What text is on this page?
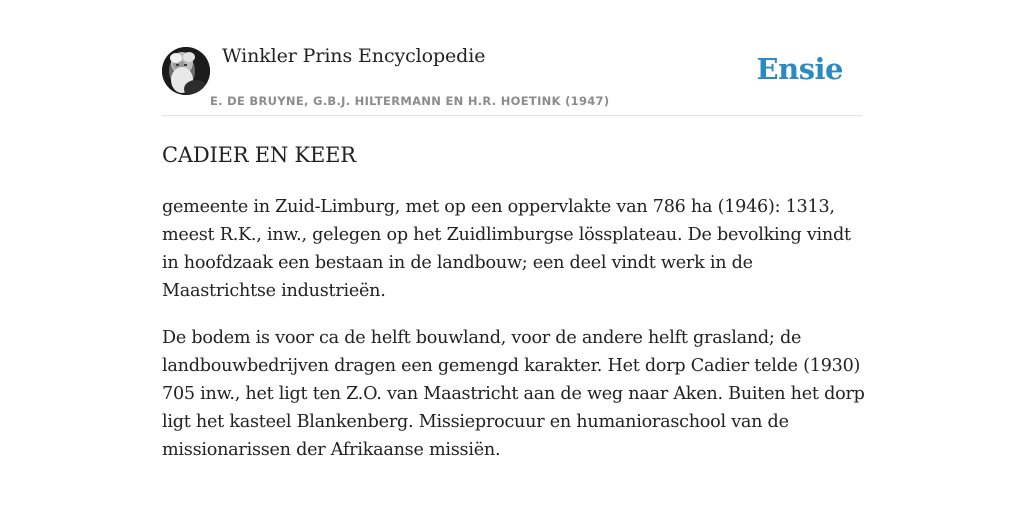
Winkler Prins Encyclopedie
E. DE BRUYNE, G.B.J. HILTERMANN EN H.R. HOETINK (1947)
Ensie
CADIER EN KEER

gemeente in Zuid-Limburg, met op een oppervlakte van 786 ha (1946): 1313, meest R.K., inw., gelegen op het Zuidlimburgse lössplateau. De bevolking vindt in hoofdzaak een bestaan in de landbouw; een deel vindt werk in de Maastrichtse industrieën.

De bodem is voor ca de helft bouwland, voor de andere helft grasland; de landbouwbedrijven dragen een gemengd karakter. Het dorp Cadier telde (1930) 705 inw., het ligt ten Z.O. van Maastricht aan de weg naar Aken. Buiten het dorp ligt het kasteel Blankenberg. Missieprocuur en humanioraschool van de missionarissen der Afrikaanse missiën.
